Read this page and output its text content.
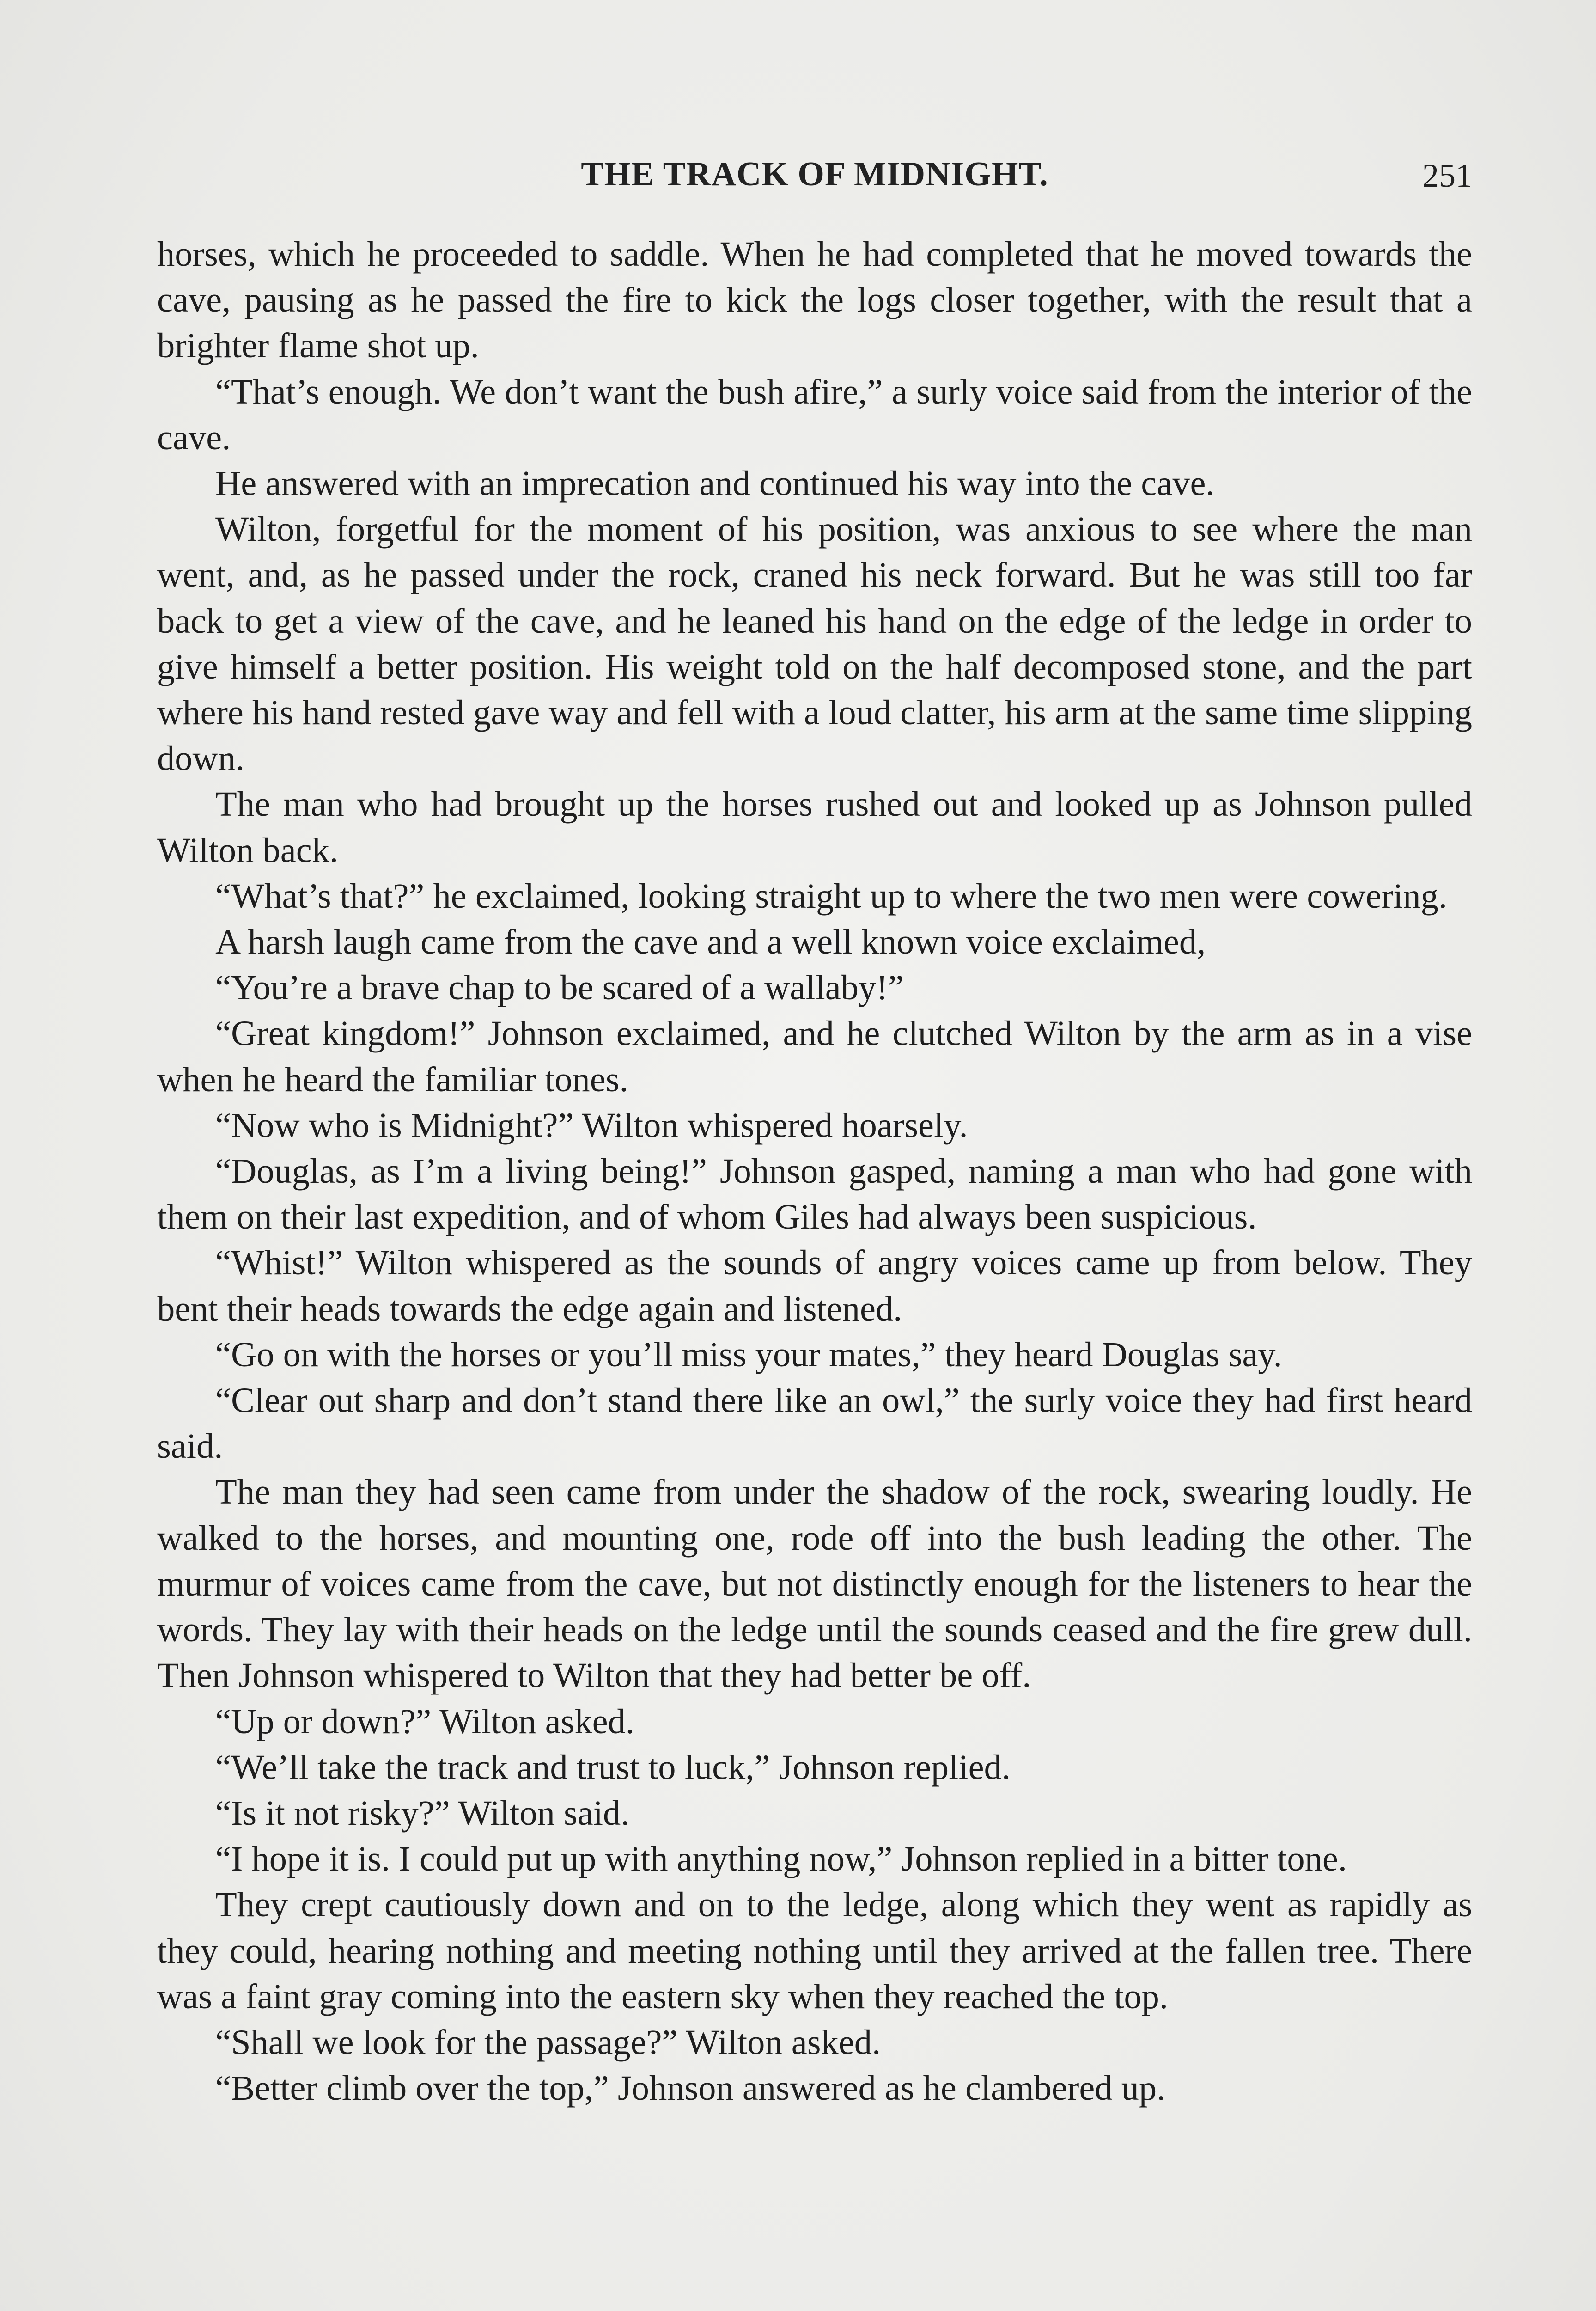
THE TRACK OF MIDNIGHT.	251

horses, which he proceeded to saddle. When he had completed that he moved towards the cave, pausing as he passed the fire to kick the logs closer together, with the result that a brighter flame shot up.

“That’s enough. We don’t want the bush afire,” a surly voice said from the interior of the cave.

He answered with an imprecation and continued his way into the cave.

Wilton, forgetful for the moment of his position, was anxious to see where the man went, and, as he passed under the rock, craned his neck forward. But he was still too far back to get a view of the cave, and he leaned his hand on the edge of the ledge in order to give himself a better position. His weight told on the half decomposed stone, and the part where his hand rested gave way and fell with a loud clatter, his arm at the same time slipping down.

The man who had brought up the horses rushed out and looked up as Johnson pulled Wilton back.

“What’s that?” he exclaimed, looking straight up to where the two men were cowering.

A harsh laugh came from the cave and a well known voice exclaimed,

“You’re a brave chap to be scared of a wallaby!”

“Great kingdom!” Johnson exclaimed, and he clutched Wilton by the arm as in a vise when he heard the familiar tones.

“Now who is Midnight?” Wilton whispered hoarsely.

“Douglas, as I’m a living being!” Johnson gasped, naming a man who had gone with them on their last expedition, and of whom Giles had always been suspicious.

“Whist!” Wilton whispered as the sounds of angry voices came up from below. They bent their heads towards the edge again and listened.

“Go on with the horses or you’ll miss your mates,” they heard Douglas say.

“Clear out sharp and don’t stand there like an owl,” the surly voice they had first heard said.

The man they had seen came from under the shadow of the rock, swearing loudly. He walked to the horses, and mounting one, rode off into the bush leading the other. The murmur of voices came from the cave, but not distinctly enough for the listeners to hear the words. They lay with their heads on the ledge until the sounds ceased and the fire grew dull. Then Johnson whispered to Wilton that they had better be off.

“Up or down?” Wilton asked.

“We’ll take the track and trust to luck,” Johnson replied.

“Is it not risky?” Wilton said.

“I hope it is. I could put up with anything now,” Johnson replied in a bitter tone.

They crept cautiously down and on to the ledge, along which they went as rapidly as they could, hearing nothing and meeting nothing until they arrived at the fallen tree. There was a faint gray coming into the eastern sky when they reached the top.

“Shall we look for the passage?” Wilton asked.

“Better climb over the top,” Johnson answered as he clambered up.
